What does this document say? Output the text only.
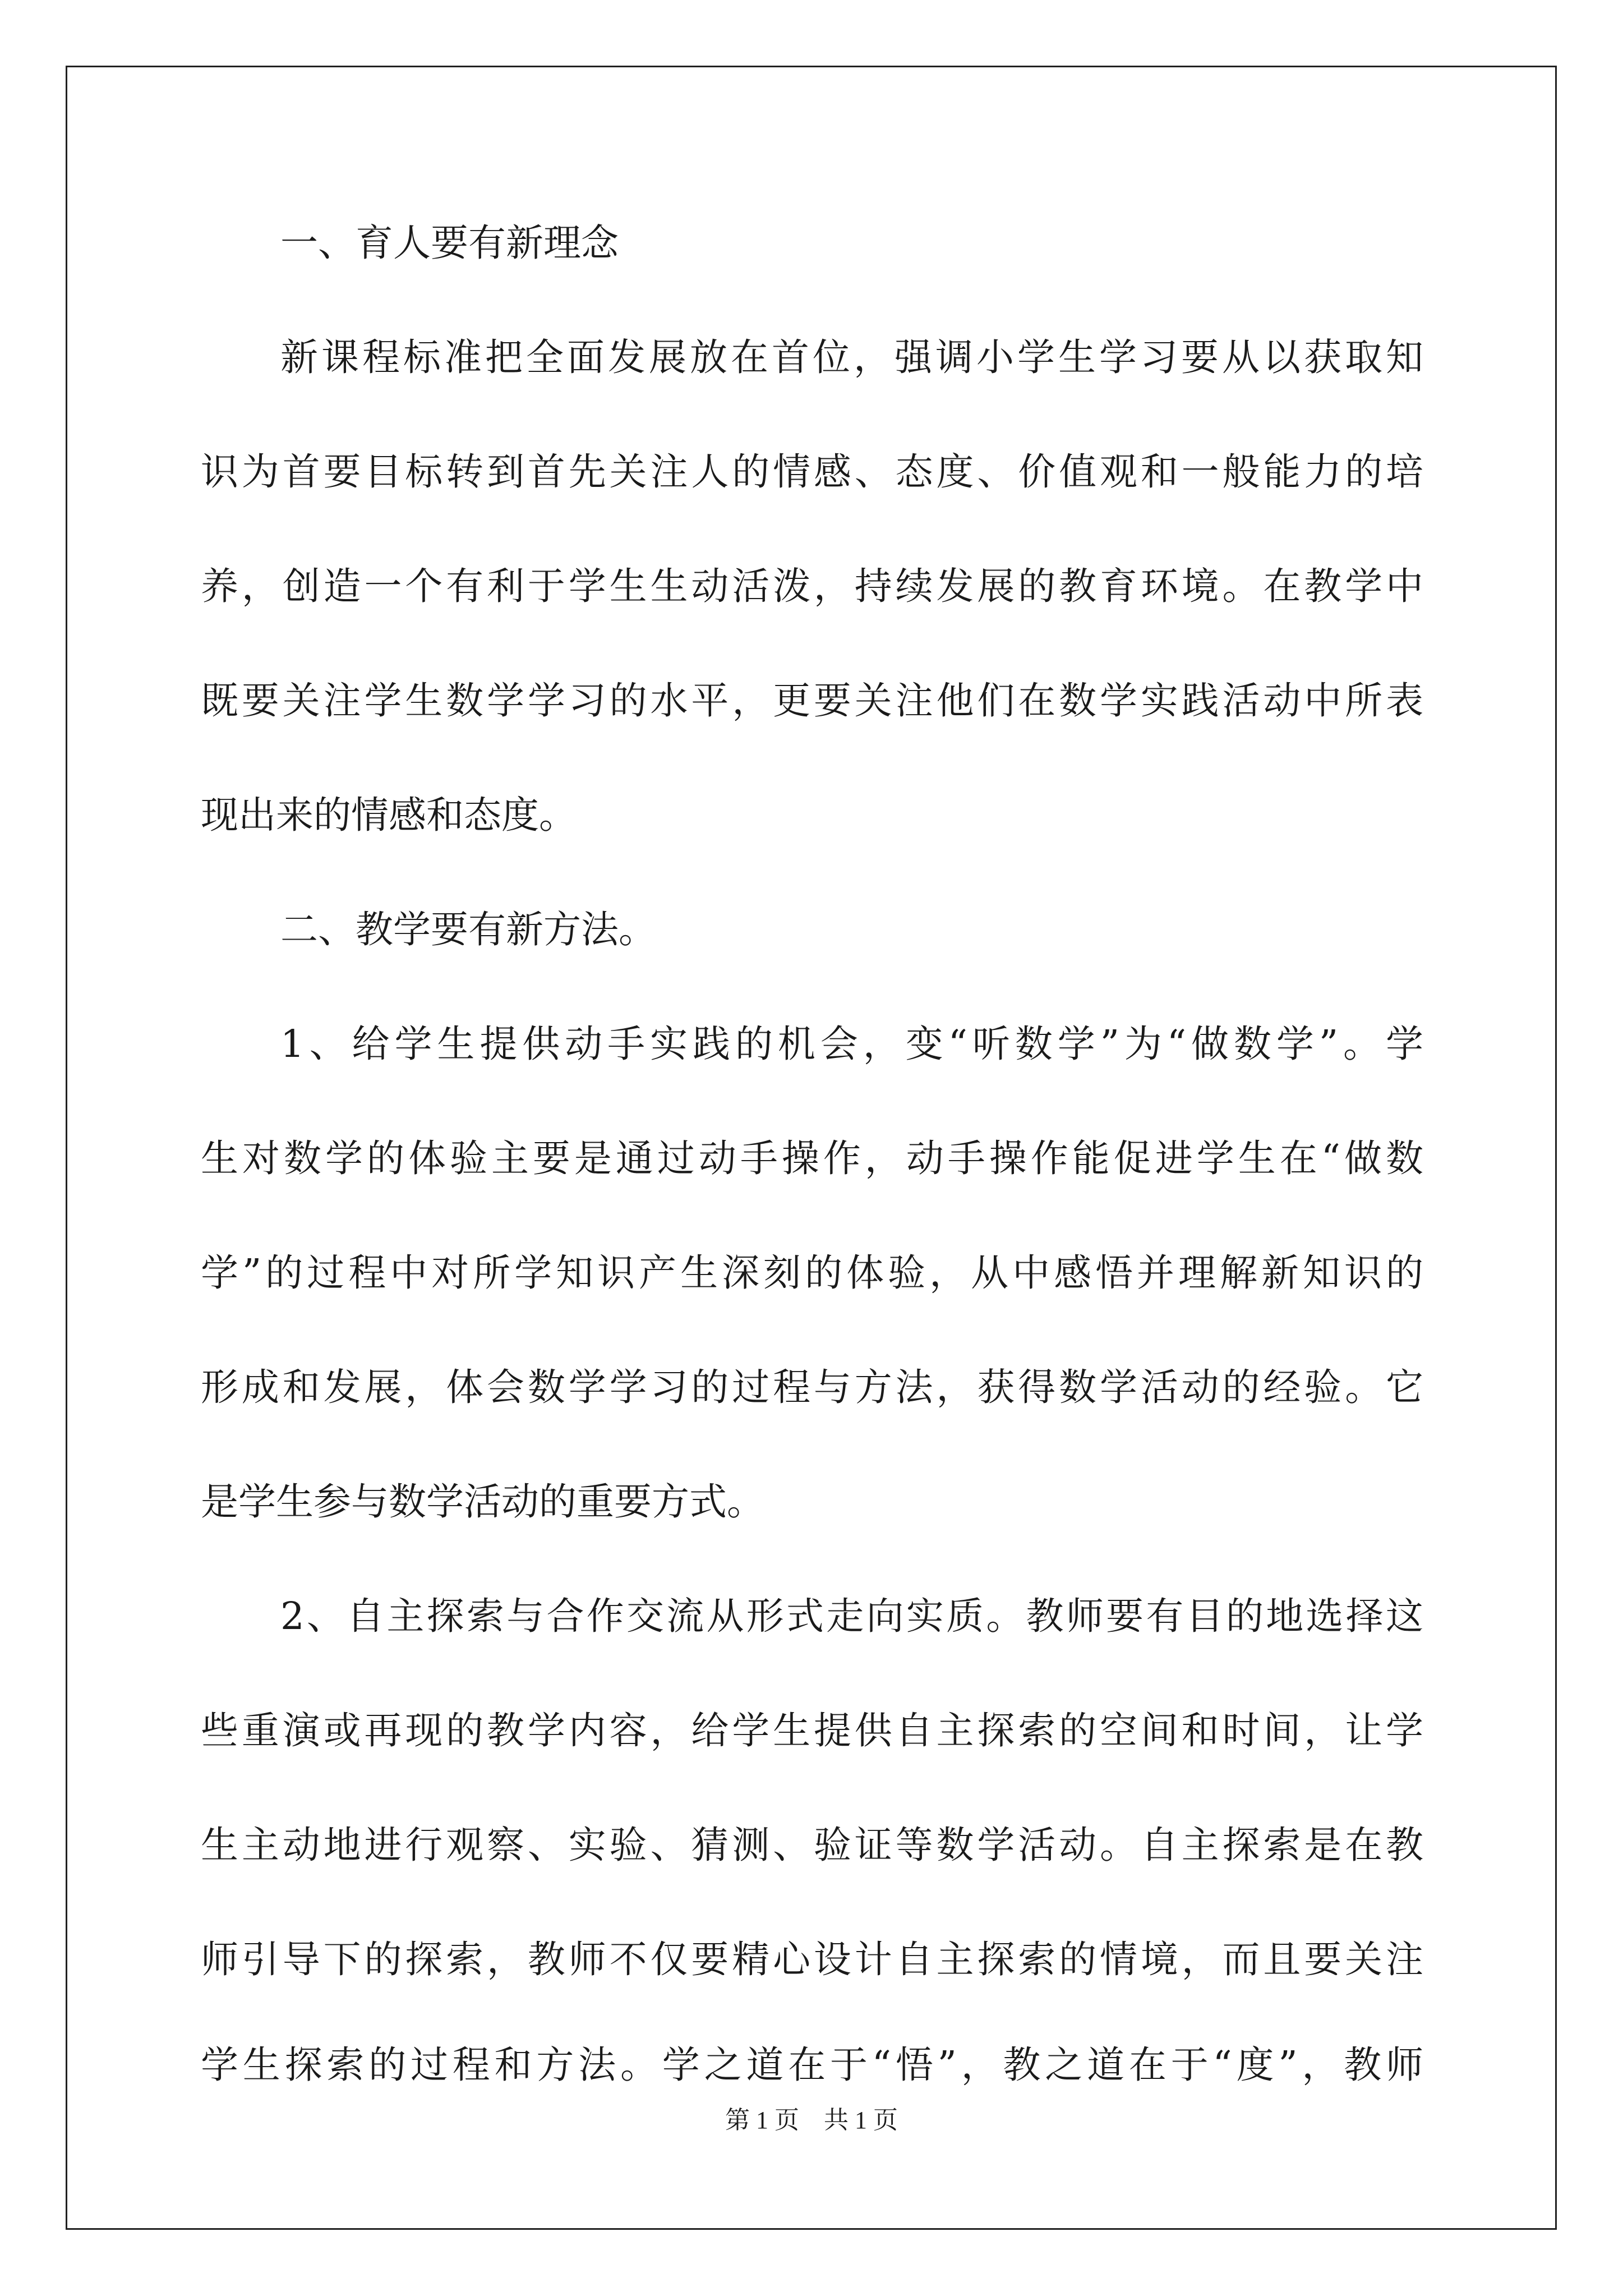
一、育人要有新理念
新课程标准把全面发展放在首位，强调小学生学习要从以获取知
识为首要目标转到首先关注人的情感、态度、价值观和一般能力的培
养，创造一个有利于学生生动活泼，持续发展的教育环境。在教学中
既要关注学生数学学习的水平，更要关注他们在数学实践活动中所表
现出来的情感和态度。
二、教学要有新方法。
1、给学生提供动手实践的机会，变“听数学”为“做数学”。学
生对数学的体验主要是通过动手操作，动手操作能促进学生在“做数
学”的过程中对所学知识产生深刻的体验，从中感悟并理解新知识的
形成和发展，体会数学学习的过程与方法，获得数学活动的经验。它
是学生参与数学活动的重要方式。
2、自主探索与合作交流从形式走向实质。教师要有目的地选择这
些重演或再现的教学内容，给学生提供自主探索的空间和时间，让学
生主动地进行观察、实验、猜测、验证等数学活动。自主探索是在教
师引导下的探索，教师不仅要精心设计自主探索的情境，而且要关注
学生探索的过程和方法。学之道在于“悟”，教之道在于“度”，教师
第 1 页　共 1 页
